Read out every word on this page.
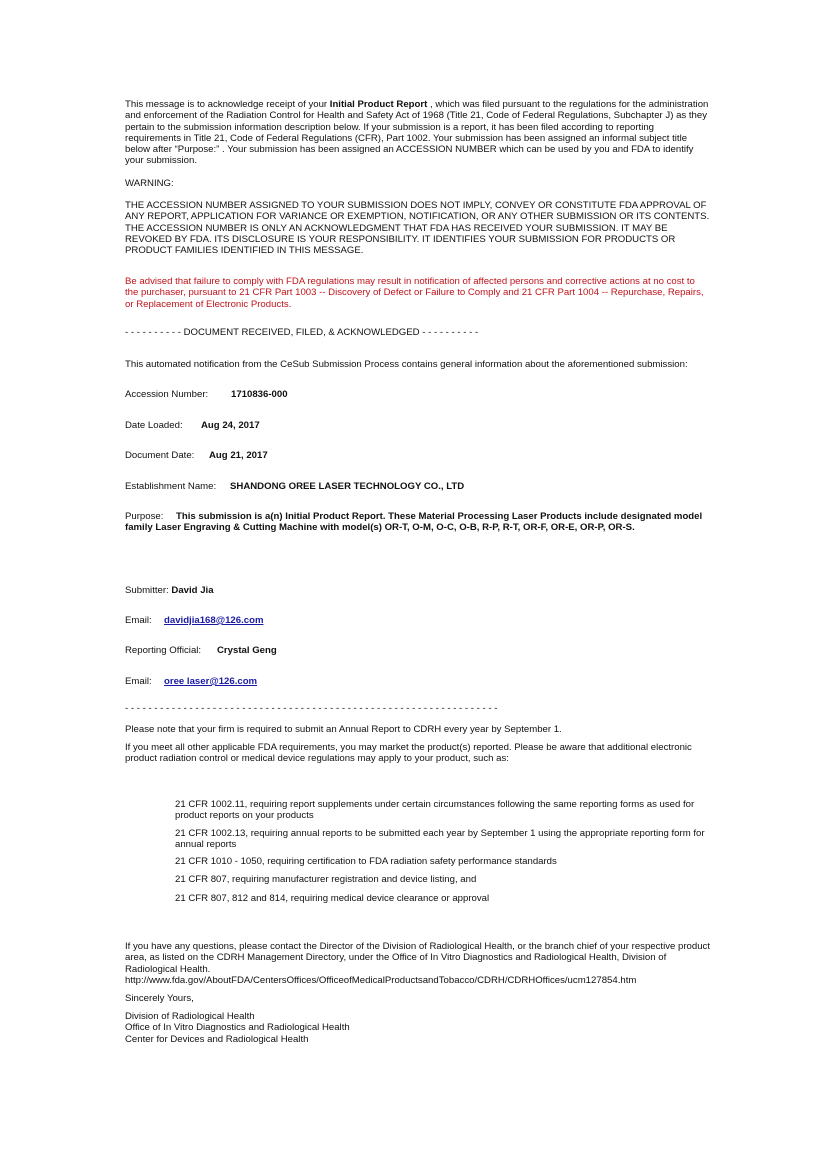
This message is to acknowledge receipt of your Initial Product Report , which was filed pursuant to the regulations for the administration and enforcement of the Radiation Control for Health and Safety Act of 1968 (Title 21, Code of Federal Regulations, Subchapter J) as they pertain to the submission information description below. If your submission is a report, it has been filed according to reporting requirements in Title 21, Code of Federal Regulations (CFR), Part 1002. Your submission has been assigned an informal subject title below after “Purpose:” . Your submission has been assigned an ACCESSION NUMBER which can be used by you and FDA to identify your submission.

WARNING:
THE ACCESSION NUMBER ASSIGNED TO YOUR SUBMISSION DOES NOT IMPLY, CONVEY OR CONSTITUTE FDA APPROVAL OF ANY REPORT, APPLICATION FOR VARIANCE OR EXEMPTION, NOTIFICATION, OR ANY OTHER SUBMISSION OR ITS CONTENTS. THE ACCESSION NUMBER IS ONLY AN ACKNOWLEDGMENT THAT FDA HAS RECEIVED YOUR SUBMISSION. IT MAY BE REVOKED BY FDA. ITS DISCLOSURE IS YOUR RESPONSIBILITY. IT IDENTIFIES YOUR SUBMISSION FOR PRODUCTS OR PRODUCT FAMILIES IDENTIFIED IN THIS MESSAGE.
Be advised that failure to comply with FDA regulations may result in notification of affected persons and corrective actions at no cost to the purchaser, pursuant to 21 CFR Part 1003 -- Discovery of Defect or Failure to Comply and 21 CFR Part 1004 -- Repurchase, Repairs, or Replacement of Electronic Products.
- - - - - - - - - - DOCUMENT RECEIVED, FILED, & ACKNOWLEDGED - - - - - - - - - -
This automated notification from the CeSub Submission Process contains general information about the aforementioned submission:
Accession Number: 1710836-000
Date Loaded: Aug 24, 2017
Document Date: Aug 21, 2017
Establishment Name: SHANDONG OREE LASER TECHNOLOGY CO., LTD
Purpose: This submission is a(n) Initial Product Report. These Material Processing Laser Products include designated model family Laser Engraving & Cutting Machine with model(s) OR-T, O-M, O-C, O-B, R-P, R-T, OR-F, OR-E, OR-P, OR-S.
Submitter: David Jia
Email: davidjia168@126.com
Reporting Official: Crystal Geng
Email: oree laser@126.com
- - - - - - - - - - - - - - - - - - - - - - - - - - - - - - - - - - - - - - - - - - - - - - - - - - - - - - - - - - - - - - - -
Please note that your firm is required to submit an Annual Report to CDRH every year by September 1.
If you meet all other applicable FDA requirements, you may market the product(s) reported. Please be aware that additional electronic product radiation control or medical device regulations may apply to your product, such as:

21 CFR 1002.11, requiring report supplements under certain circumstances following the same reporting forms as used for product reports on your products

21 CFR 1002.13, requiring annual reports to be submitted each year by September 1 using the appropriate reporting form for annual reports

21 CFR 1010 - 1050, requiring certification to FDA radiation safety performance standards

21 CFR 807, requiring manufacturer registration and device listing, and

21 CFR 807, 812 and 814, requiring medical device clearance or approval

If you have any questions, please contact the Director of the Division of Radiological Health, or the branch chief of your respective product area, as listed on the CDRH Management Directory, under the Office of In Vitro Diagnostics and Radiological Health, Division of Radiological Health.
http://www.fda.gov/AboutFDA/CentersOffices/OfficeofMedicalProductsandTobacco/CDRH/CDRHOffices/ucm127854.htm
Sincerely Yours,

Division of Radiological Health

Office of In Vitro Diagnostics and Radiological Health

Center for Devices and Radiological Health
